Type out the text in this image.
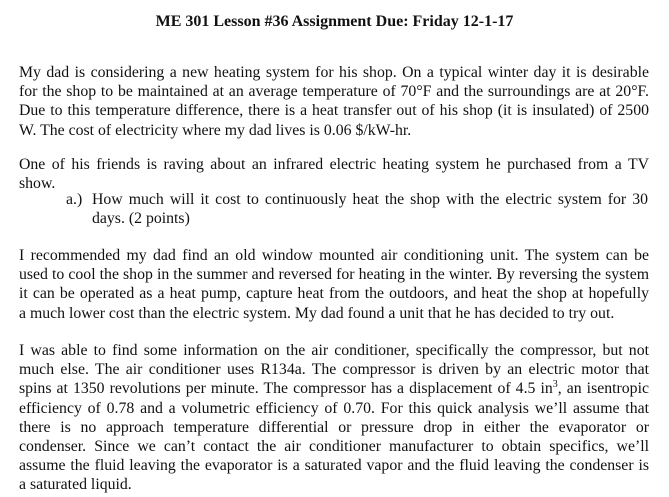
ME 301 Lesson #36 Assignment Due: Friday 12-1-17
My dad is considering a new heating system for his shop. On a typical winter day it is desirable
for the shop to be maintained at an average temperature of 70°F and the surroundings are at 20°F.
Due to this temperature difference, there is a heat transfer out of his shop (it is insulated) of 2500
W. The cost of electricity where my dad lives is 0.06 $/kW-hr.
One of his friends is raving about an infrared electric heating system he purchased from a TV
show.
a.) How much will it cost to continuously heat the shop with the electric system for 30
days. (2 points)
I recommended my dad find an old window mounted air conditioning unit. The system can be
used to cool the shop in the summer and reversed for heating in the winter. By reversing the system
it can be operated as a heat pump, capture heat from the outdoors, and heat the shop at hopefully
a much lower cost than the electric system. My dad found a unit that he has decided to try out.
I was able to find some information on the air conditioner, specifically the compressor, but not
much else. The air conditioner uses R134a. The compressor is driven by an electric motor that
spins at 1350 revolutions per minute. The compressor has a displacement of 4.5 $in^3$, an isentropic
efficiency of 0.78 and a volumetric efficiency of 0.70. For this quick analysis we’ll assume that
there is no approach temperature differential or pressure drop in either the evaporator or
condenser. Since we can’t contact the air conditioner manufacturer to obtain specifics, we’ll
assume the fluid leaving the evaporator is a saturated vapor and the fluid leaving the condenser is
a saturated liquid.
